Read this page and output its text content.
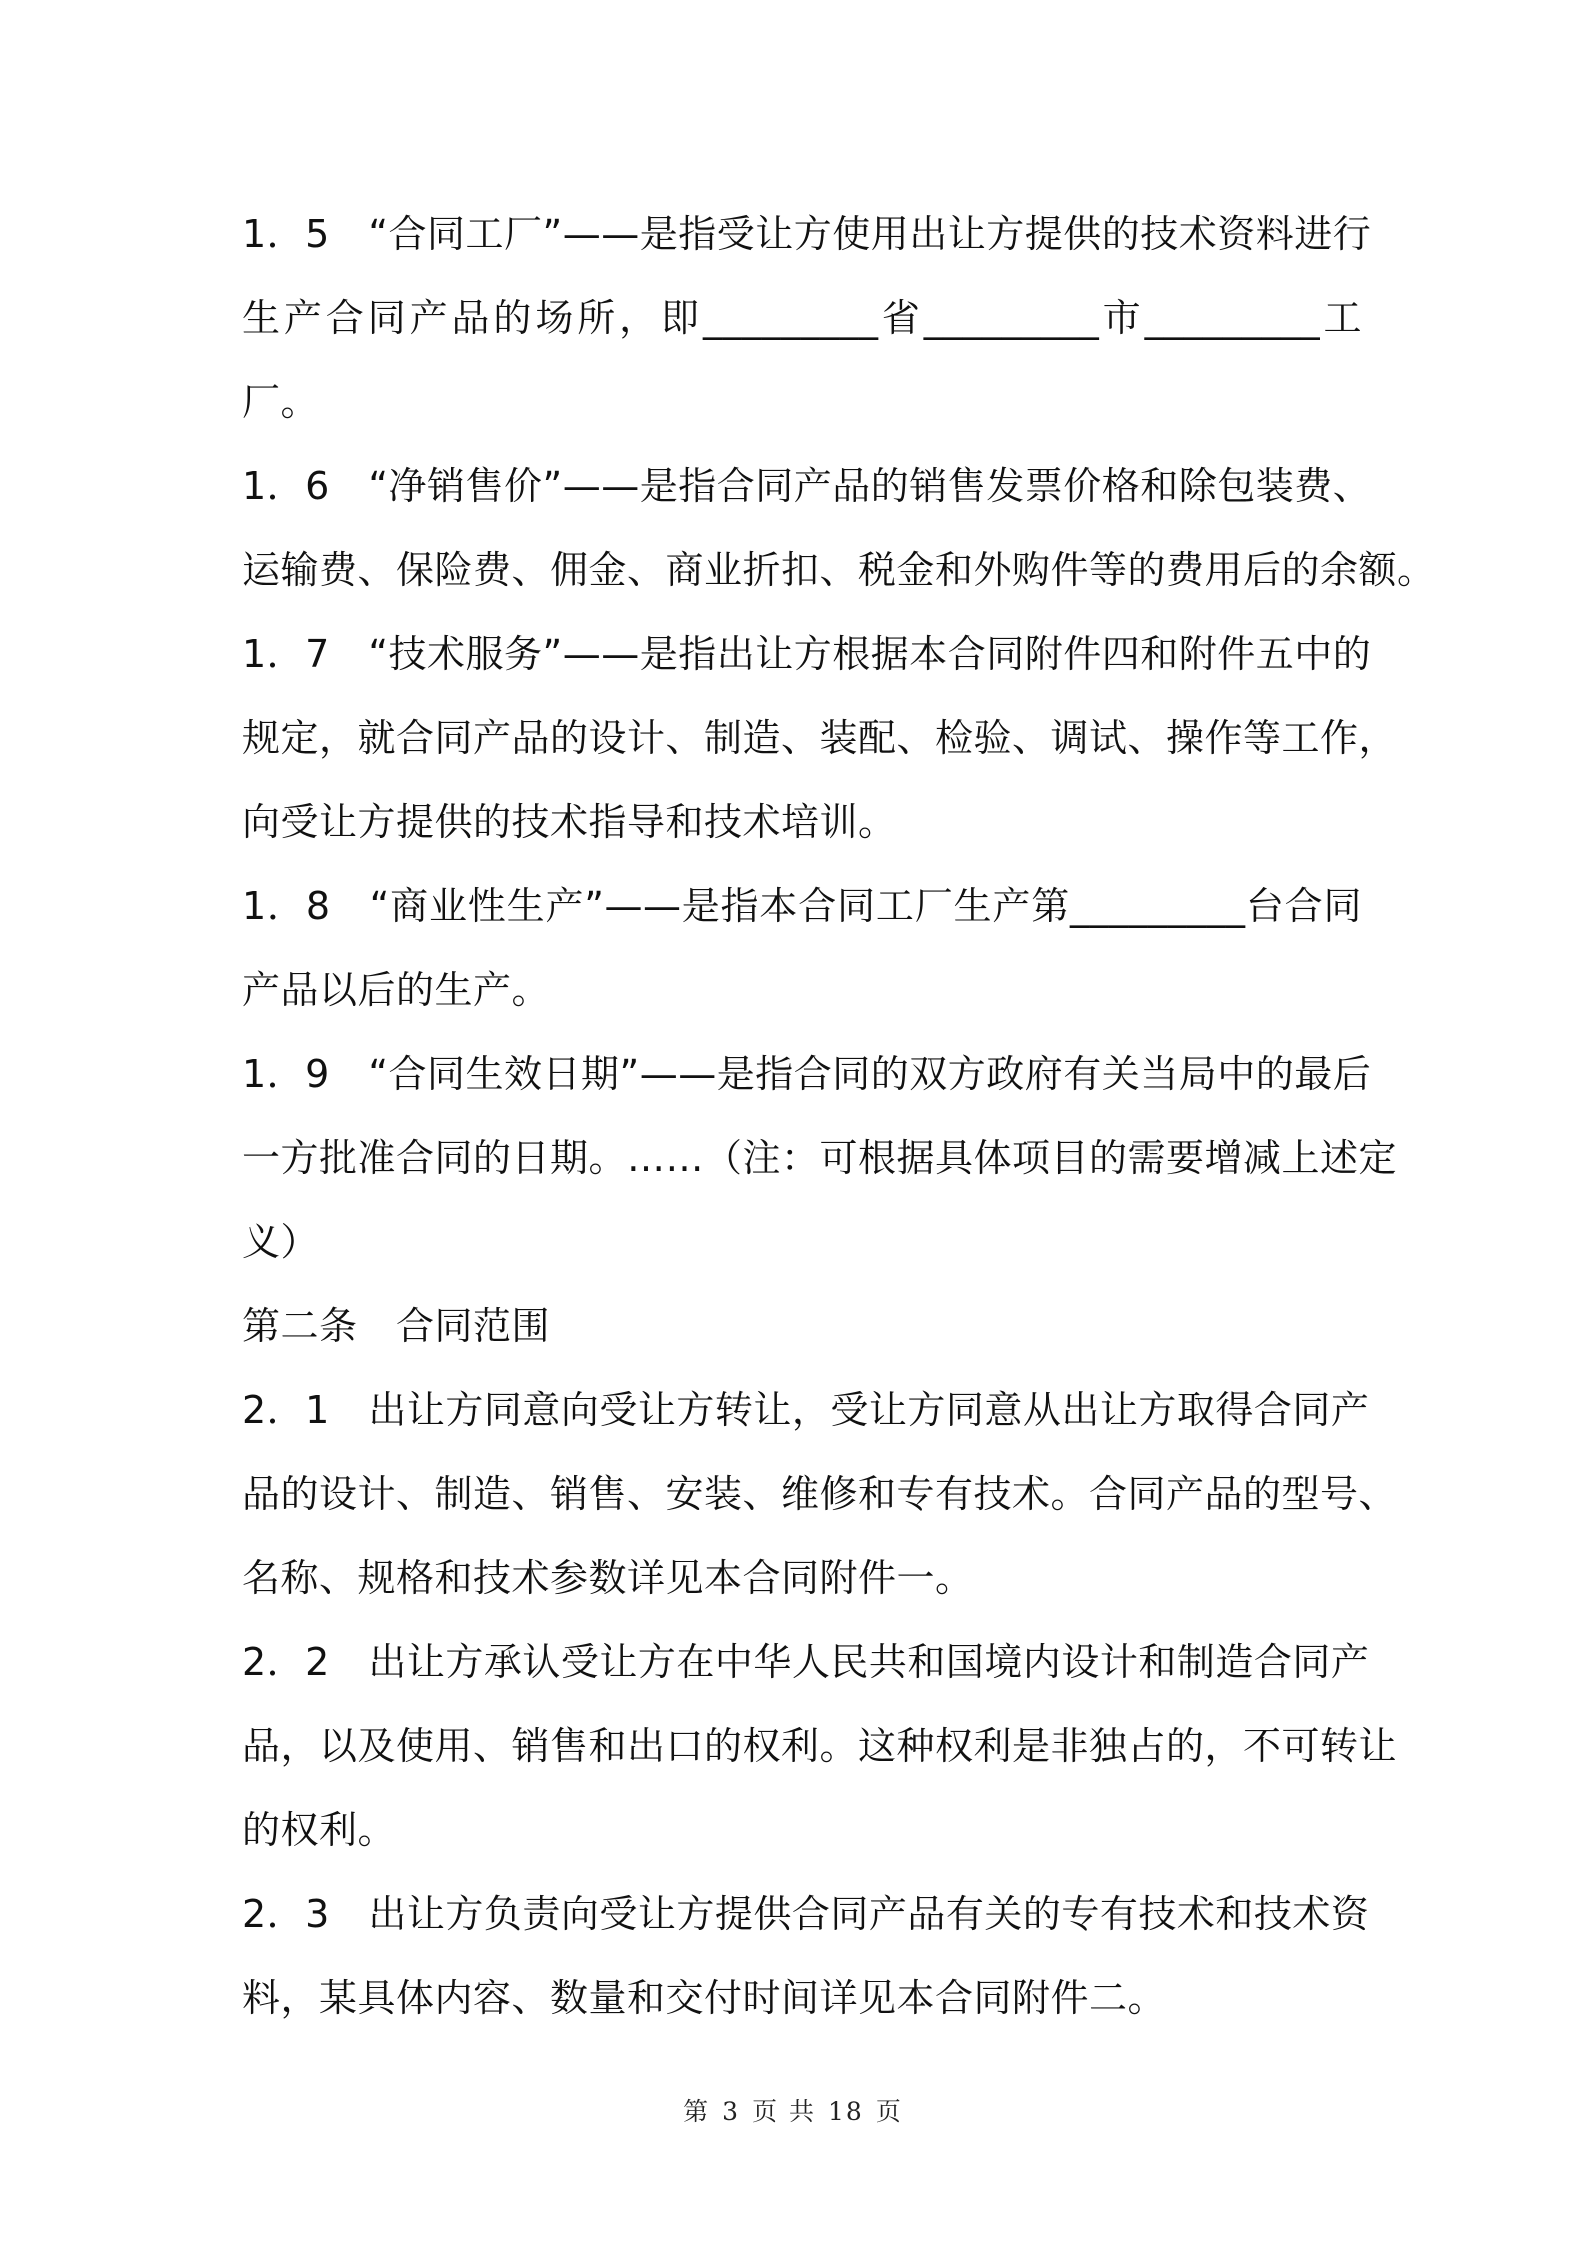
1．5　“合同工厂”——是指受让方使用出让方提供的技术资料进行
生产合同产品的场所，即_________省_________市_________工
厂。
1．6　“净销售价”——是指合同产品的销售发票价格和除包装费、
运输费、保险费、佣金、商业折扣、税金和外购件等的费用后的余额。
1．7　“技术服务”——是指出让方根据本合同附件四和附件五中的
规定，就合同产品的设计、制造、装配、检验、调试、操作等工作，
向受让方提供的技术指导和技术培训。
1．8　“商业性生产”——是指本合同工厂生产第_________台合同
产品以后的生产。
1．9　“合同生效日期”——是指合同的双方政府有关当局中的最后
一方批准合同的日期。……（注：可根据具体项目的需要增减上述定
义）
第二条　合同范围
2．1　出让方同意向受让方转让，受让方同意从出让方取得合同产
品的设计、制造、销售、安装、维修和专有技术。合同产品的型号、
名称、规格和技术参数详见本合同附件一。
2．2　出让方承认受让方在中华人民共和国境内设计和制造合同产
品，以及使用、销售和出口的权利。这种权利是非独占的，不可转让
的权利。
2．3　出让方负责向受让方提供合同产品有关的专有技术和技术资
料，某具体内容、数量和交付时间详见本合同附件二。
第 3 页 共 18 页
